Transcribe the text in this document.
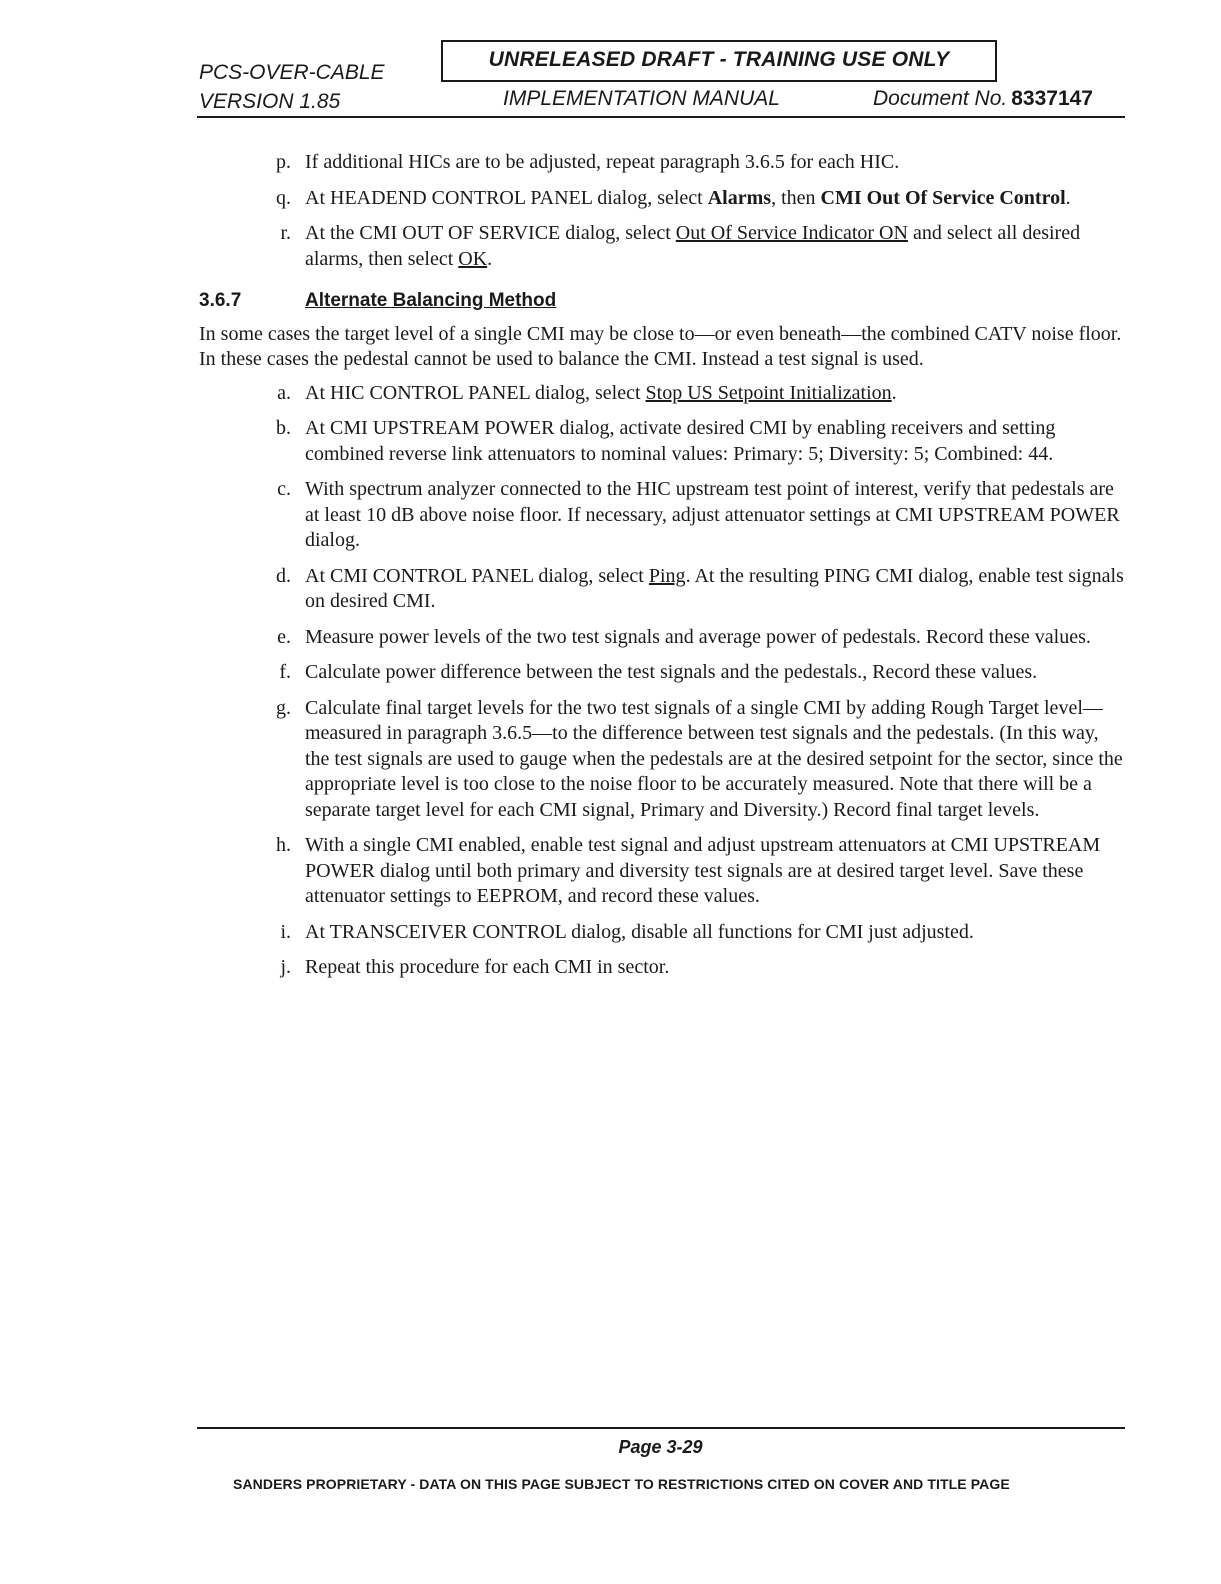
PCS-OVER-CABLE
VERSION 1.85
UNRELEASED DRAFT - TRAINING USE ONLY
IMPLEMENTATION MANUAL	Document No. 8337147
p. If additional HICs are to be adjusted, repeat paragraph 3.6.5 for each HIC.
q. At HEADEND CONTROL PANEL dialog, select Alarms, then CMI Out Of Service Control.
r. At the CMI OUT OF SERVICE dialog, select Out Of Service Indicator ON and select all desired alarms, then select OK.
3.6.7	Alternate Balancing Method
In some cases the target level of a single CMI may be close to—or even beneath—the combined CATV noise floor. In these cases the pedestal cannot be used to balance the CMI. Instead a test signal is used.
a. At HIC CONTROL PANEL dialog, select Stop US Setpoint Initialization.
b. At CMI UPSTREAM POWER dialog, activate desired CMI by enabling receivers and setting combined reverse link attenuators to nominal values: Primary: 5; Diversity: 5; Combined: 44.
c. With spectrum analyzer connected to the HIC upstream test point of interest, verify that pedestals are at least 10 dB above noise floor. If necessary, adjust attenuator settings at CMI UPSTREAM POWER dialog.
d. At CMI CONTROL PANEL dialog, select Ping. At the resulting PING CMI dialog, enable test signals on desired CMI.
e. Measure power levels of the two test signals and average power of pedestals. Record these values.
f. Calculate power difference between the test signals and the pedestals., Record these values.
g. Calculate final target levels for the two test signals of a single CMI by adding Rough Target level—measured in paragraph 3.6.5—to the difference between test signals and the pedestals. (In this way, the test signals are used to gauge when the pedestals are at the desired setpoint for the sector, since the appropriate level is too close to the noise floor to be accurately measured. Note that there will be a separate target level for each CMI signal, Primary and Diversity.) Record final target levels.
h. With a single CMI enabled, enable test signal and adjust upstream attenuators at CMI UPSTREAM POWER dialog until both primary and diversity test signals are at desired target level. Save these attenuator settings to EEPROM, and record these values.
i. At TRANSCEIVER CONTROL dialog, disable all functions for CMI just adjusted.
j. Repeat this procedure for each CMI in sector.
Page 3-29
SANDERS PROPRIETARY - DATA ON THIS PAGE SUBJECT TO RESTRICTIONS CITED ON COVER AND TITLE PAGE
